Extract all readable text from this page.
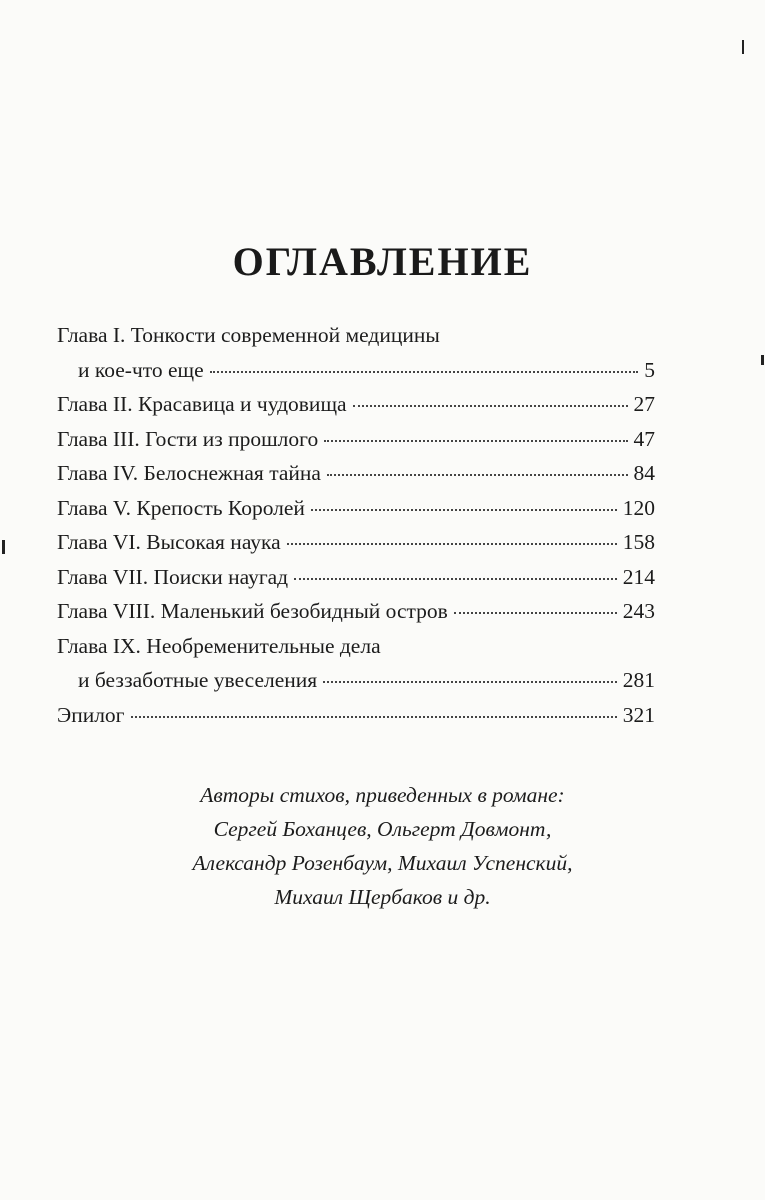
ОГЛАВЛЕНИЕ
Глава I. Тонкости современной медицины
и кое-что еще	5
Глава II. Красавица и чудовища	27
Глава III. Гости из прошлого	47
Глава IV. Белоснежная тайна	84
Глава V. Крепость Королей	120
Глава VI. Высокая наука	158
Глава VII. Поиски наугад	214
Глава VIII. Маленький безобидный остров	243
Глава IX. Необременительные дела
и беззаботные увеселения	281
Эпилог	321
Авторы стихов, приведенных в романе:
Сергей Боханцев, Ольгерт Довмонт,
Александр Розенбаум, Михаил Успенский,
Михаил Щербаков и др.
